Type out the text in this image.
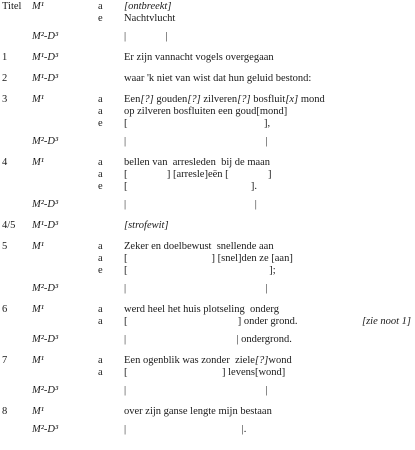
Titel M¹	a [ontbreekt]
e Nachtvlucht
M²-D³	|               |
1 M¹-D³	Er zijn vannacht vogels overgegaan
2 M¹-D³	waar 'k niet van wist dat hun geluid bestond:
3 M¹	a Een[?] gouden[?] zilveren[?] bosfluit[x] mond
a op zilveren bosfluiten een goud[mond]
e [                                                    ],
M²-D³	|                                                     |
4 M¹	a bellen van  arresleden  bij de maan
a [               ] [arresle]eën [               ]
e [                                               ].
M²-D³	|                                                 |
4/5 M¹-D³	[strofewit]
5 M¹	a Zeker en doelbewust  snellende aan
a [                                ] [snel]den ze [aan]
e [                                                      ];
M²-D³	|                                                     |
6 M¹	a werd heel het huis plotseling  onderg
a [                                          ] onder grond.	[zie noot 1]
M²-D³	|                                          | ondergrond.
7 M¹	a Een ogenblik was zonder  ziele[?]wond
a [                                    ] levens[wond]
M²-D³	|                                                     |
8 M¹	over zijn ganse lengte mijn bestaan
M²-D³	|                                            |.
